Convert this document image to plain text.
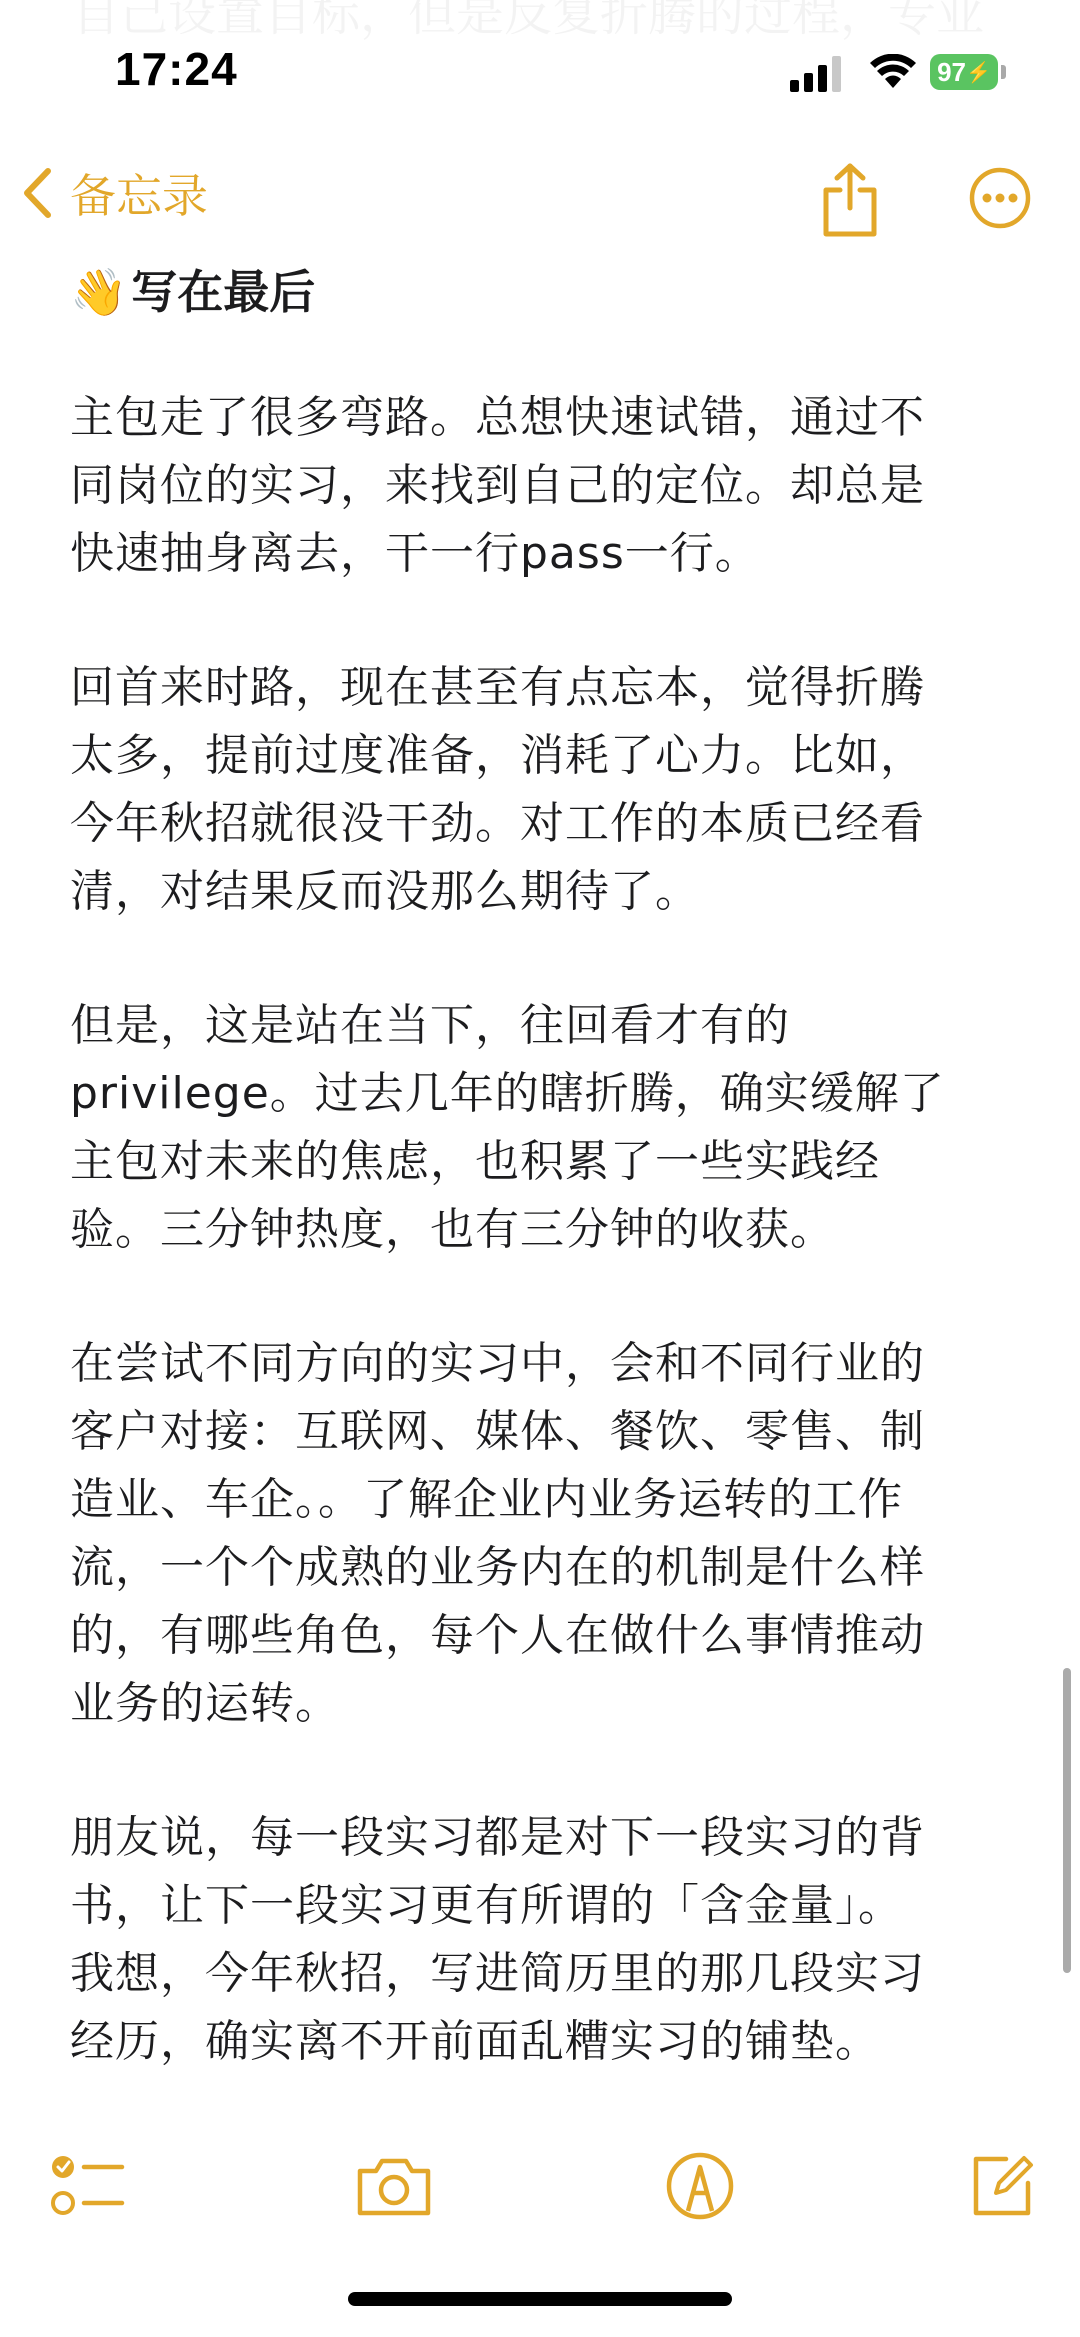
17:24	97 ⚡
备忘录
👋 写在最后

主包走了很多弯路。总想快速试错，通过不
同岗位的实习，来找到自己的定位。却总是
快速抽身离去，干一行pass一行。

回首来时路，现在甚至有点忘本，觉得折腾
太多，提前过度准备，消耗了心力。比如，
今年秋招就很没干劲。对工作的本质已经看
清，对结果反而没那么期待了。

但是，这是站在当下，往回看才有的
privilege。过去几年的瞎折腾，确实缓解了
主包对未来的焦虑，也积累了一些实践经
验。三分钟热度，也有三分钟的收获。

在尝试不同方向的实习中，会和不同行业的
客户对接：互联网、媒体、餐饮、零售、制
造业、车企。。了解企业内业务运转的工作
流，一个个成熟的业务内在的机制是什么样
的，有哪些角色，每个人在做什么事情推动
业务的运转。

朋友说，每一段实习都是对下一段实习的背
书，让下一段实习更有所谓的「含金量」。
我想，今年秋招，写进简历里的那几段实习
经历，确实离不开前面乱糟实习的铺垫。
